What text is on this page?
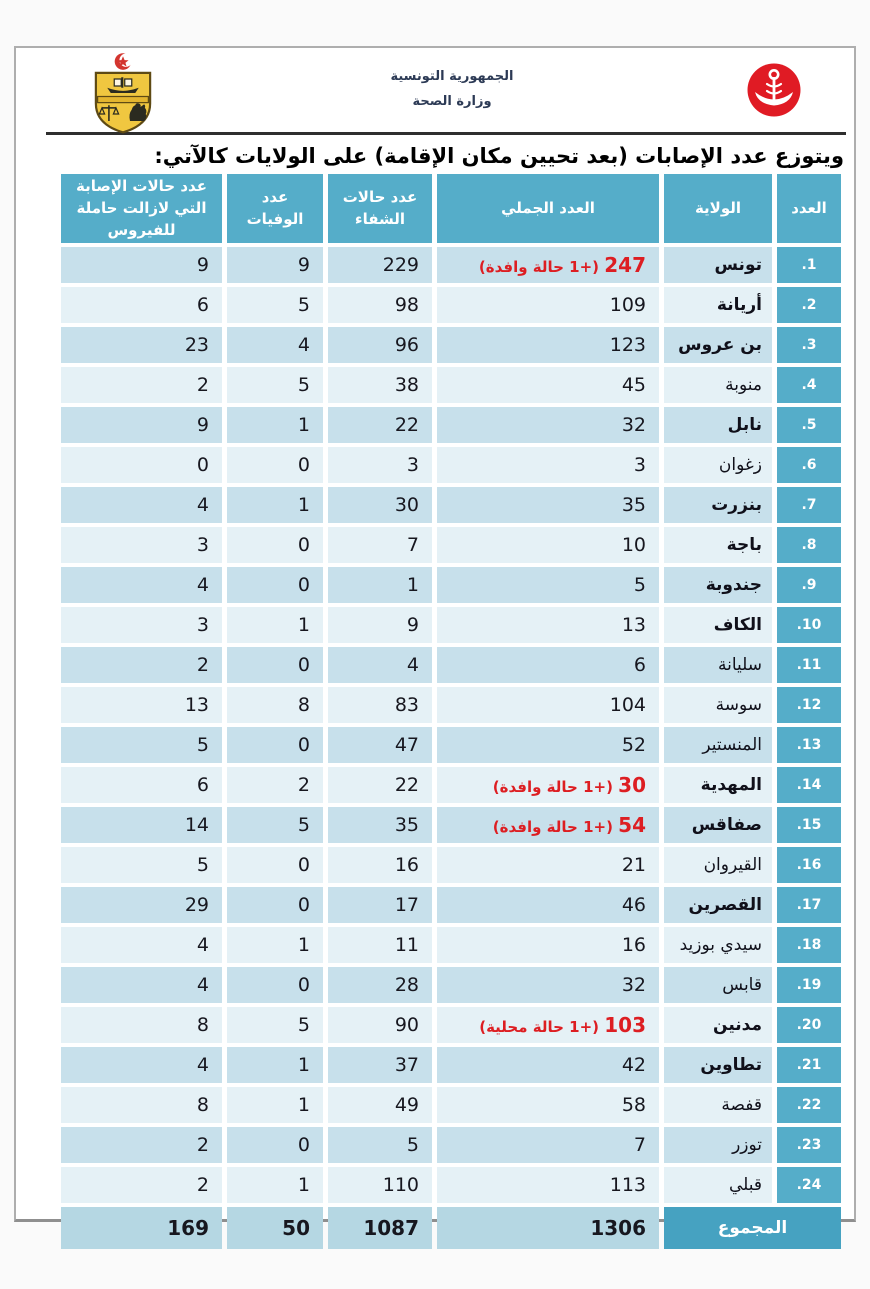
الجمهورية التونسية
وزارة الصحة
ويتوزع عدد الإصابات (بعد تحيين مكان الإقامة) على الولايات كالآتي:
العدد	الولاية	العدد الجملي	عدد حالات الشفاء	عدد الوفيات	عدد حالات الإصابة التي لازالت حاملة للفيروس
.1	تونس	247 (+1 حالة وافدة)	229	9	9
.2	أريانة	109	98	5	6
.3	بن عروس	123	96	4	23
.4	منوبة	45	38	5	2
.5	نابل	32	22	1	9
.6	زغوان	3	3	0	0
.7	بنزرت	35	30	1	4
.8	باجة	10	7	0	3
.9	جندوبة	5	1	0	4
.10	الكاف	13	9	1	3
.11	سليانة	6	4	0	2
.12	سوسة	104	83	8	13
.13	المنستير	52	47	0	5
.14	المهدية	30 (+1 حالة وافدة)	22	2	6
.15	صفاقس	54 (+1 حالة وافدة)	35	5	14
.16	القيروان	21	16	0	5
.17	القصرين	46	17	0	29
.18	سيدي بوزيد	16	11	1	4
.19	قابس	32	28	0	4
.20	مدنين	103 (+1 حالة محلية)	90	5	8
.21	تطاوين	42	37	1	4
.22	قفصة	58	49	1	8
.23	توزر	7	5	0	2
.24	قبلي	113	110	1	2
المجموع		1306	1087	50	169
